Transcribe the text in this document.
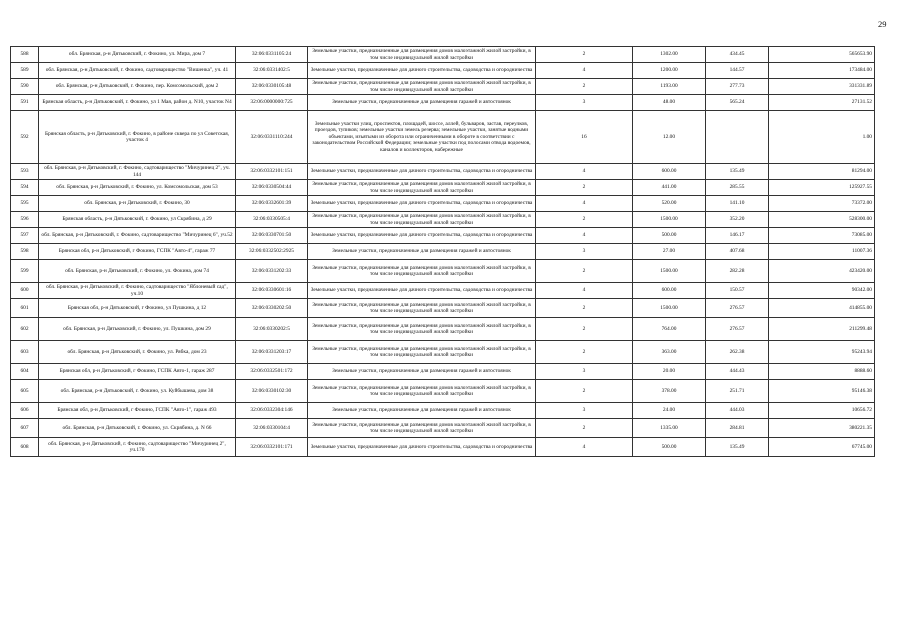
29
588	обл. Брянская, р-н Дятьковский, г. Фокино, ул. Мира, дом 7	32:06:0331105:24	Земельные участки, предназначенные для размещения домов малоэтажной жилой застройки, в том числе индивидуальной жилой застройки	2	1302.00	434.45	565653.90
589	обл. Брянская, р-н Дятьковский, г. Фокино, садтоварищество "Вишенка", уч. 41	32:06:0331402:5	Земельные участки, предназначенные для дачного строительства, садоводства и огородничества	4	1200.00	144.57	173484.00
590	обл. Брянская, р-н Дятьковский, г. Фокино, пер. Комсомольский, дом 2	32:06:0330105:48	Земельные участки, предназначенные для размещения домов малоэтажной жилой застройки, в том числе индивидуальной жилой застройки	2	1193.00	277.73	331331.89
591	Брянская область, р-н Дятьковский, г. Фокино, ул 1 Мая, район д. N10, участок N4	32:06:0000000:725	Земельные участки, предназначенные для размещения гаражей и автостоянок	3	48.00	565.24	27131.52
592	Брянская область, р-н Дятьковский, г. Фокино, в районе сквера по ул Советская, участок 4	32:06:0331110:244	Земельные участки улиц, проспектов, площадей, шоссе, аллей, бульваров, застав, переулков, проездов, тупиков; земельные участки земель резерва; земельные участки, занятые водными объектами, изъятыми из оборота или ограниченными в обороте в соответствии с законодательством Российской Федерации; земельные участки под полосами отвода водоемов, каналов и коллекторов, набережные	16	12.00		1.00
593	обл. Брянская, р-н Дятьковский, г. Фокино, садтоварищество "Мичуринец 2", уч. 144	32:06:0332101:151	Земельные участки, предназначенные для дачного строительства, садоводства и огородничества	4	600.00	135.49	81294.00
594	обл. Брянская, р-н Дятьковский, г. Фокино, ул. Комсомольская, дом 53	32:06:0330504:44	Земельные участки, предназначенные для размещения домов малоэтажной жилой застройки, в том числе индивидуальной жилой застройки	2	441.00	285.55	125927.55
595	обл. Брянская, р-н Дятьковский, г. Фокино, 30	32:06:0332601:39	Земельные участки, предназначенные для дачного строительства, садоводства и огородничества	4	520.00	141.10	73372.00
596	Брянская область, р-н Дятьковский, г. Фокино, ул Скрябина, д 29	32:06:0330505:4	Земельные участки, предназначенные для размещения домов малоэтажной жилой застройки, в том числе индивидуальной жилой застройки	2	1500.00	352.20	528300.00
597	обл. Брянская, р-н Дятьковский, г. Фокино, садтоварищество "Мичуринец 6", уч.52	32:06:0330701:50	Земельные участки, предназначенные для дачного строительства, садоводства и огородничества	4	500.00	146.17	73085.00
598	Брянская обл, р-н Дятьковский, г Фокино, ГСПК "Авто-4", гараж 77	32:06:0332502:2925	Земельные участки, предназначенные для размещения гаражей и автостоянок	3	27.00	407.68	11007.36
599	обл. Брянская, р-н Дятьковский, г. Фокино, ул. Фокина, дом 74	32:06:0331202:33	Земельные участки, предназначенные для размещения домов малоэтажной жилой застройки, в том числе индивидуальной жилой застройки	2	1500.00	282.28	423420.00
600	обл. Брянская, р-н Дятьковский, г. Фокино, садтоварищество "Яблоневый сад", уч.10	32:06:0330601:16	Земельные участки, предназначенные для дачного строительства, садоводства и огородничества	4	600.00	150.57	90342.00
601	Брянская обл, р-н Дятьковский, г Фокино, ул Пушкина, д 12	32:06:0330202:50	Земельные участки, предназначенные для размещения домов малоэтажной жилой застройки, в том числе индивидуальной жилой застройки	2	1500.00	276.57	414855.00
602	обл. Брянская, р-н Дятьковский, г. Фокино, ул. Пушкина, дом 29	32:06:0330202:5	Земельные участки, предназначенные для размещения домов малоэтажной жилой застройки, в том числе индивидуальной жилой застройки	2	764.00	276.57	211299.48
603	обл. Брянская, р-н Дятьковский, г. Фокино, ул. Рябка, дом 23	32:06:0331203:17	Земельные участки, предназначенные для размещения домов малоэтажной жилой застройки, в том числе индивидуальной жилой застройки	2	363.00	262.38	95243.94
604	Брянская обл, р-н Дятьковский, г Фокино, ГСПК Авто-1, гараж 287	32:06:0332501:172	Земельные участки, предназначенные для размещения гаражей и автостоянок	3	20.00	444.43	8888.60
605	обл. Брянская, р-н Дятьковский, г. Фокино, ул. Куйбышева, дом 38	32:06:0330102:30	Земельные участки, предназначенные для размещения домов малоэтажной жилой застройки, в том числе индивидуальной жилой застройки	2	378.00	251.71	95146.38
606	Брянская обл, р-н Дятьковский, г Фокино, ГСПК "Авто-1", гараж 493	32:06:0332304:146	Земельные участки, предназначенные для размещения гаражей и автостоянок	3	24.00	444.03	10656.72
607	обл. Брянская, р-н Дятьковский, г. Фокино, ул. Скрябина, д. N 66	32:06:0330104:4	Земельные участки, предназначенные для размещения домов малоэтажной жилой застройки, в том числе индивидуальной жилой застройки	2	1335.00	284.81	380221.35
608	обл. Брянская, р-н Дятьковский, г. Фокино, садтоварищество "Мичуринец 2", уч.170	32:06:0332101:171	Земельные участки, предназначенные для дачного строительства, садоводства и огородничества	4	500.00	135.49	67745.00
